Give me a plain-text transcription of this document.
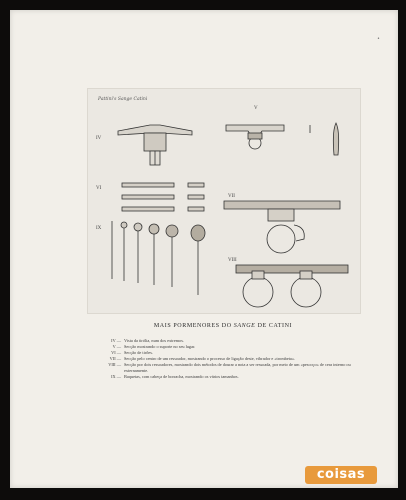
•
Pattini's Sange Catini
IV
V
VI
VII
VIII
IX
MAIS PORMENORES DO SANGE DE CATINI
IV — Vista da tirólia, num dos extremos.
V — Secção mostrando o suporte no seu lugar.
VI — Secção de tirões.
VII — Secção pelo centro de um ressoador, mostrando o processo de ligação deste, vibrador e «trombeta».
VIII — Secção por dois ressoadores, mostrando dois métodos de dourar a nota a ser ressoada, por meio de um «pescoço» de cera interno ou externamente.
IX — Baquetas, com cabeça de borracha, mostrando os vários tamanhos.
coisas
